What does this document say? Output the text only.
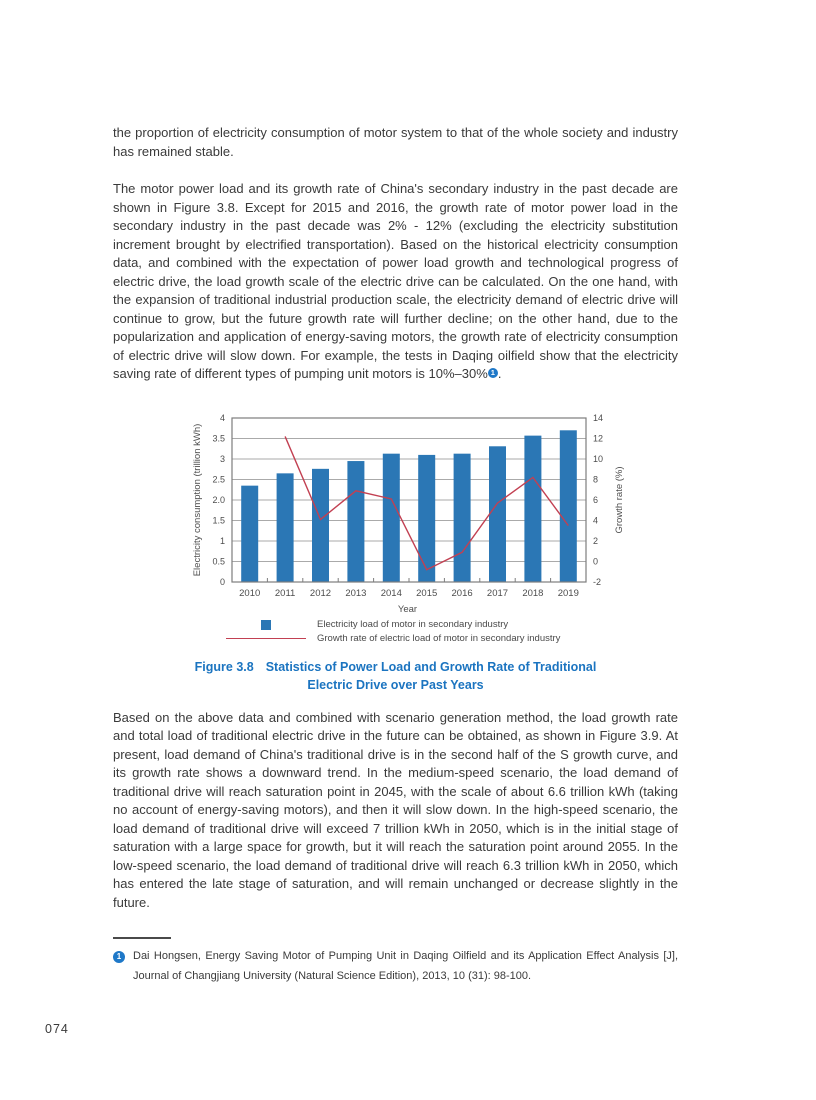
the proportion of electricity consumption of motor system to that of the whole society and industry has remained stable.

The motor power load and its growth rate of China's secondary industry in the past decade are shown in Figure 3.8. Except for 2015 and 2016, the growth rate of motor power load in the secondary industry in the past decade was 2% - 12% (excluding the electricity substitution increment brought by electrified transportation). Based on the historical electricity consumption data, and combined with the expectation of power load growth and technological progress of electric drive, the load growth scale of the electric drive can be calculated. On the one hand, with the expansion of traditional industrial production scale, the electricity demand of electric drive will continue to grow, but the future growth rate will further decline; on the other hand, due to the popularization and application of energy-saving motors, the growth rate of electricity consumption of electric drive will slow down. For example, the tests in Daqing oilfield show that the electricity saving rate of different types of pumping unit motors is 10%–30% 1 .

4
3.5
3
2.5
2.0
1.5
1
0.5
0
14
12
10
8
6
4
2
0
-2
2010 2011 2012 2013 2014 2015 2016 2017 2018 2019
Electricity consumption (trillion kWh)	Growth rate (%)
Year
Electricity load of motor in secondary industry
Growth rate of electric load of motor in secondary industry
Figure 3.8 Statistics of Power Load and Growth Rate of Traditional
Electric Drive over Past Years

Based on the above data and combined with scenario generation method, the load growth rate and total load of traditional electric drive in the future can be obtained, as shown in Figure 3.9. At present, load demand of China's traditional drive is in the second half of the S growth curve, and its growth rate shows a downward trend. In the medium-speed scenario, the load demand of traditional drive will reach saturation point in 2045, with the scale of about 6.6 trillion kWh (taking no account of energy-saving motors), and then it will slow down. In the high-speed scenario, the load demand of traditional drive will exceed 7 trillion kWh in 2050, which is in the initial stage of saturation with a large space for growth, but it will reach the saturation point around 2055. In the low-speed scenario, the load demand of traditional drive will reach 6.3 trillion kWh in 2050, which has entered the late stage of saturation, and will remain unchanged or decrease slightly in the future.

1	Dai Hongsen, Energy Saving Motor of Pumping Unit in Daqing Oilfield and its Application Effect Analysis [J], Journal of Changjiang University (Natural Science Edition), 2013, 10 (31): 98-100.
074
